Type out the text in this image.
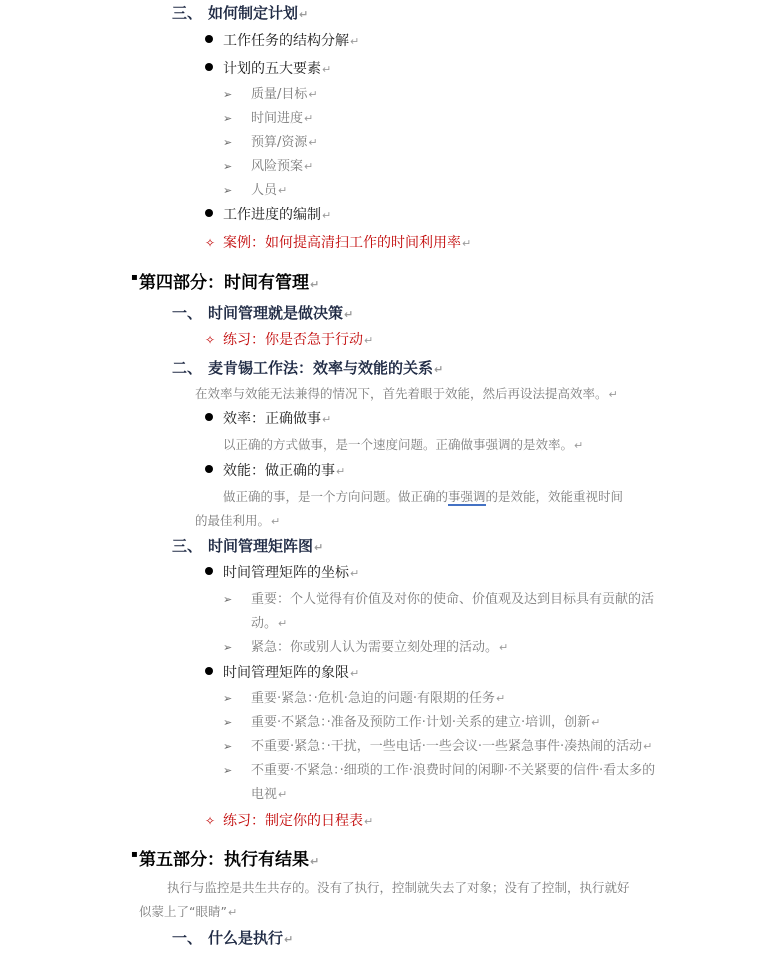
三、 如何制定计划↵
工作任务的结构分解↵
计划的五大要素↵
➢ 质量/目标↵
➢ 时间进度↵
➢ 预算/资源↵
➢ 风险预案↵
➢ 人员↵
工作进度的编制↵
✧ 案例：如何提高清扫工作的时间利用率↵
▪ 第四部分：时间有管理↵
一、 时间管理就是做决策↵
✧ 练习：你是否急于行动↵
二、 麦肯锡工作法：效率与效能的关系↵
在效率与效能无法兼得的情况下，首先着眼于效能，然后再设法提高效率。↵
效率：正确做事↵
以正确的方式做事，是一个速度问题。正确做事强调的是效率。↵
效能：做正确的事↵
做正确的事，是一个方向问题。做正确的事强调的是效能，效能重视时间
的最佳利用。↵
三、 时间管理矩阵图↵
时间管理矩阵的坐标↵
➢ 重要：个人觉得有价值及对你的使命、价值观及达到目标具有贡献的活
动。↵
➢ 紧急：你或别人认为需要立刻处理的活动。↵
时间管理矩阵的象限↵
➢ 重要·紧急：·危机·急迫的问题·有限期的任务↵
➢ 重要·不紧急：·准备及预防工作·计划·关系的建立·培训，创新↵
➢ 不重要·紧急：·干扰，一些电话·一些会议·一些紧急事件·凑热闹的活动↵
➢ 不重要·不紧急：·细琐的工作·浪费时间的闲聊·不关紧要的信件·看太多的
电视↵
✧ 练习：制定你的日程表↵
▪ 第五部分：执行有结果↵
执行与监控是共生共存的。没有了执行，控制就失去了对象；没有了控制，执行就好
似蒙上了“眼睛”↵
一、 什么是执行↵
